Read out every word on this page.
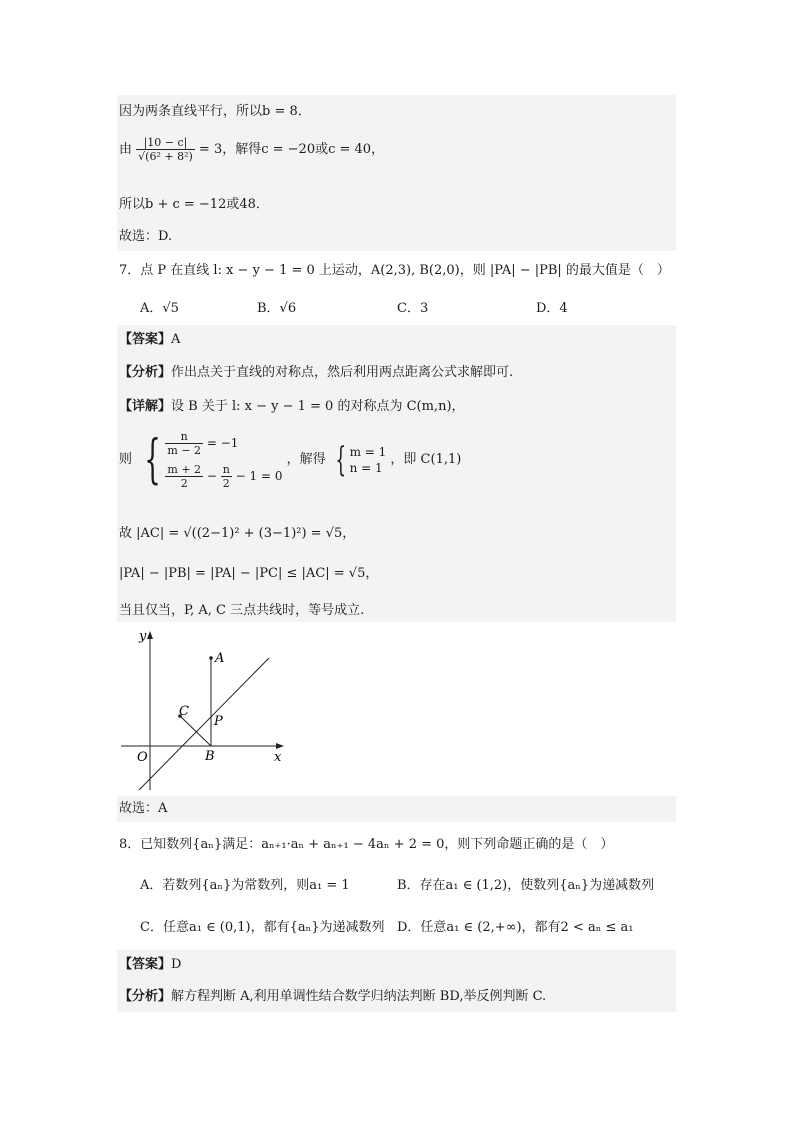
因为两条直线平行，所以b = 8．
由 $\frac{|10 - c|}{\text{√(6² + 8²)}} = 3$，解得c = −20或c = 40，
所以b + c = −12或48．
故选：D.
7．点 P 在直线 l: x − y − 1 = 0 上运动，A(2,3), B(2,0)，则 |PA| − |PB| 的最大值是（　）
A．√5	B．√6	C．3	D．4
【答案】A
【分析】作出点关于直线的对称点，然后利用两点距离公式求解即可.
【详解】设 B 关于 l: x − y − 1 = 0 的对称点为 C(m,n)，
则 { $\frac{n}{m - 2} = -1$
$\frac{m + 2}{2} - \frac{n}{2} - 1 = 0$
，解得 { m = 1
n = 1
，即 C(1,1)
故 |AC| = √((2−1)² + (3−1)²) = √5，
|PA| − |PB| = |PA| − |PC| ≤ |AC| = √5，
当且仅当，P, A, C 三点共线时，等号成立.
y
x
O
A
B
C
P
故选：A
8．已知数列{aₙ}满足：aₙ₊₁·aₙ + aₙ₊₁ − 4aₙ + 2 = 0，则下列命题正确的是（　）
A．若数列{aₙ}为常数列，则a₁ = 1	B．存在a₁ ∈ (1,2)，使数列{aₙ}为递减数列
C．任意a₁ ∈ (0,1)，都有{aₙ}为递减数列 D．任意a₁ ∈ (2,+∞)，都有2 < aₙ ≤ a₁
【答案】D
【分析】解方程判断 A,利用单调性结合数学归纳法判断 BD,举反例判断 C.
